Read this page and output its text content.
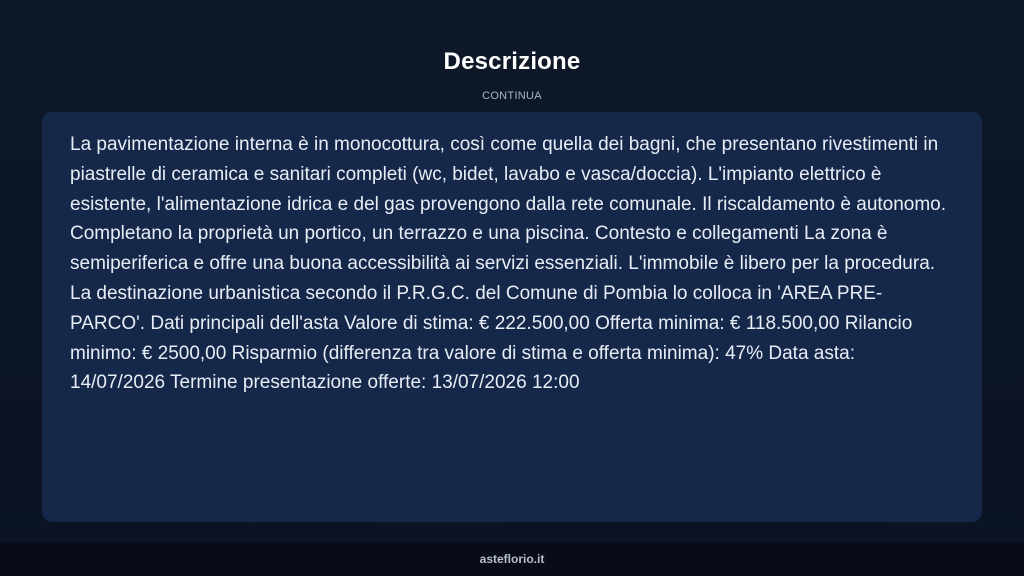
Descrizione
CONTINUA

La pavimentazione interna è in monocottura, così come quella dei bagni, che presentano rivestimenti in piastrelle di ceramica e sanitari completi (wc, bidet, lavabo e vasca/doccia). L'impianto elettrico è esistente, l'alimentazione idrica e del gas provengono dalla rete comunale. Il riscaldamento è autonomo. Completano la proprietà un portico, un terrazzo e una piscina. Contesto e collegamenti La zona è semiperiferica e offre una buona accessibilità ai servizi essenziali. L'immobile è libero per la procedura. La destinazione urbanistica secondo il P.R.G.C. del Comune di Pombia lo colloca in 'AREA PRE-PARCO'. Dati principali dell'asta Valore di stima: € 222.500,00 Offerta minima: € 118.500,00 Rilancio minimo: € 2500,00 Risparmio (differenza tra valore di stima e offerta minima): 47% Data asta: 14/07/2026 Termine presentazione offerte: 13/07/2026 12:00

asteflorio.it
